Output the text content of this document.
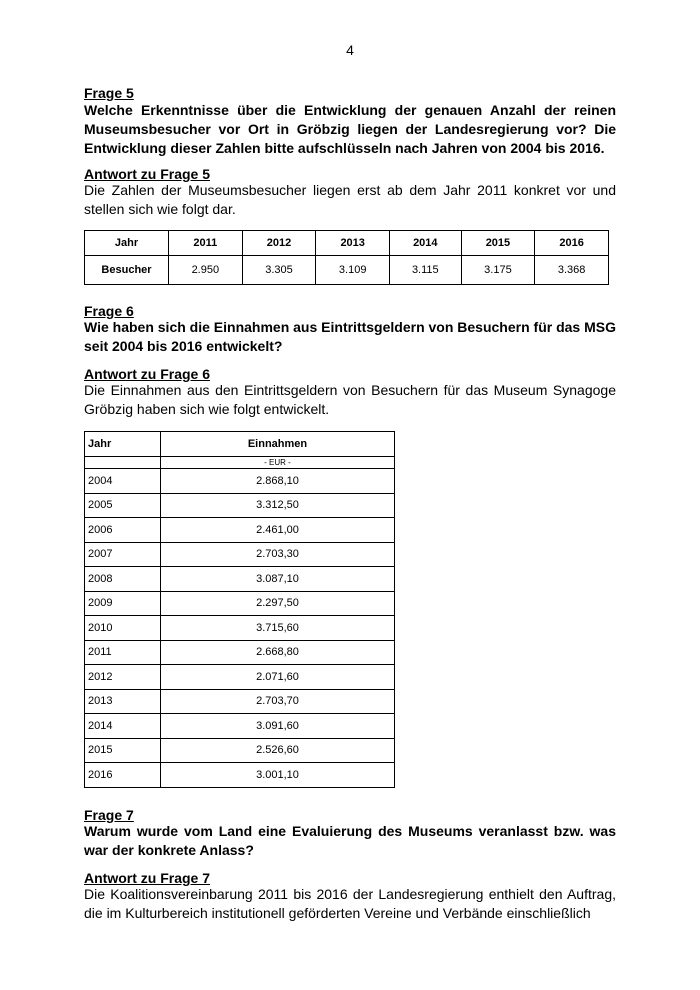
4
Frage 5
Welche Erkenntnisse über die Entwicklung der genauen Anzahl der reinen Museumsbesucher vor Ort in Gröbzig liegen der Landesregierung vor? Die Entwicklung dieser Zahlen bitte aufschlüsseln nach Jahren von 2004 bis 2016.
Antwort zu Frage 5
Die Zahlen der Museumsbesucher liegen erst ab dem Jahr 2011 konkret vor und stellen sich wie folgt dar.
Jahr	2011	2012	2013	2014	2015	2016
Besucher	2.950	3.305	3.109	3.115	3.175	3.368
Frage 6
Wie haben sich die Einnahmen aus Eintrittsgeldern von Besuchern für das MSG seit 2004 bis 2016 entwickelt?
Antwort zu Frage 6
Die Einnahmen aus den Eintrittsgeldern von Besuchern für das Museum Synagoge Gröbzig haben sich wie folgt entwickelt.
Jahr	Einnahmen
	- EUR -
2004	2.868,10
2005	3.312,50
2006	2.461,00
2007	2.703,30
2008	3.087,10
2009	2.297,50
2010	3.715,60
2011	2.668,80
2012	2.071,60
2013	2.703,70
2014	3.091,60
2015	2.526,60
2016	3.001,10
Frage 7
Warum wurde vom Land eine Evaluierung des Museums veranlasst bzw. was war der konkrete Anlass?
Antwort zu Frage 7
Die Koalitionsvereinbarung 2011 bis 2016 der Landesregierung enthielt den Auftrag, die im Kulturbereich institutionell geförderten Vereine und Verbände einschließlich
